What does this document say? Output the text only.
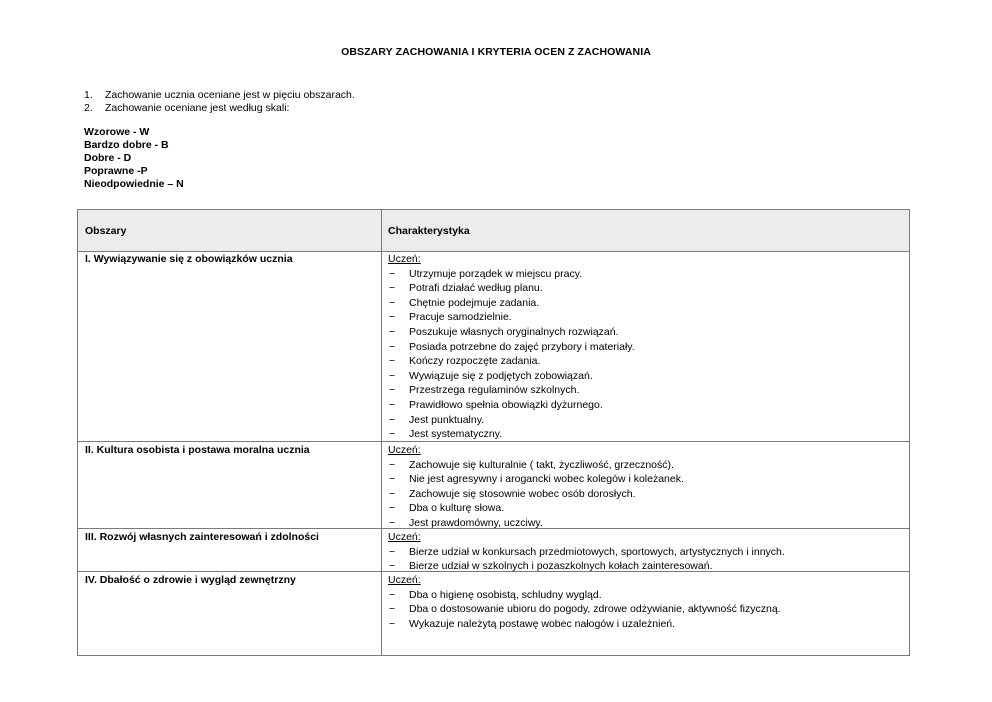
OBSZARY ZACHOWANIA I KRYTERIA OCEN Z ZACHOWANIA
1.	Zachowanie ucznia oceniane jest w pięciu obszarach.
2.	Zachowanie oceniane jest według skali:
Wzorowe - W
Bardzo dobre - B
Dobre - D
Poprawne -P
Nieodpowiednie – N
Obszary	Charakterystyka
I. Wywiązywanie się z obowiązków ucznia	Uczeń:
−	Utrzymuje porządek w miejscu pracy.
−	Potrafi działać według planu.
−	Chętnie podejmuje zadania.
−	Pracuje samodzielnie.
−	Poszukuje własnych oryginalnych rozwiązań.
−	Posiada potrzebne do zajęć przybory i materiały.
−	Kończy rozpoczęte zadania.
−	Wywiązuje się z podjętych zobowiązań.
−	Przestrzega regulaminów szkolnych.
−	Prawidłowo spełnia obowiązki dyżurnego.
−	Jest punktualny.
−	Jest systematyczny.
II. Kultura osobista i postawa moralna ucznia	Uczeń:
−	Zachowuje się kulturalnie ( takt, życzliwość, grzeczność).
−	Nie jest agresywny i arogancki wobec kolegów i koleżanek.
−	Zachowuje się stosownie wobec osób dorosłych.
−	Dba o kulturę słowa.
−	Jest prawdomówny, uczciwy.
III. Rozwój własnych zainteresowań i zdolności	Uczeń:
−	Bierze udział w konkursach przedmiotowych, sportowych, artystycznych i innych.
−	Bierze udział w szkolnych i pozaszkolnych kołach zainteresowań.
IV. Dbałość o zdrowie i wygląd zewnętrzny	Uczeń:
−	Dba o higienę osobistą, schludny wygląd.
−	Dba o dostosowanie ubioru do pogody, zdrowe odżywianie, aktywność fizyczną.
−	Wykazuje należytą postawę wobec nałogów i uzależnień.
